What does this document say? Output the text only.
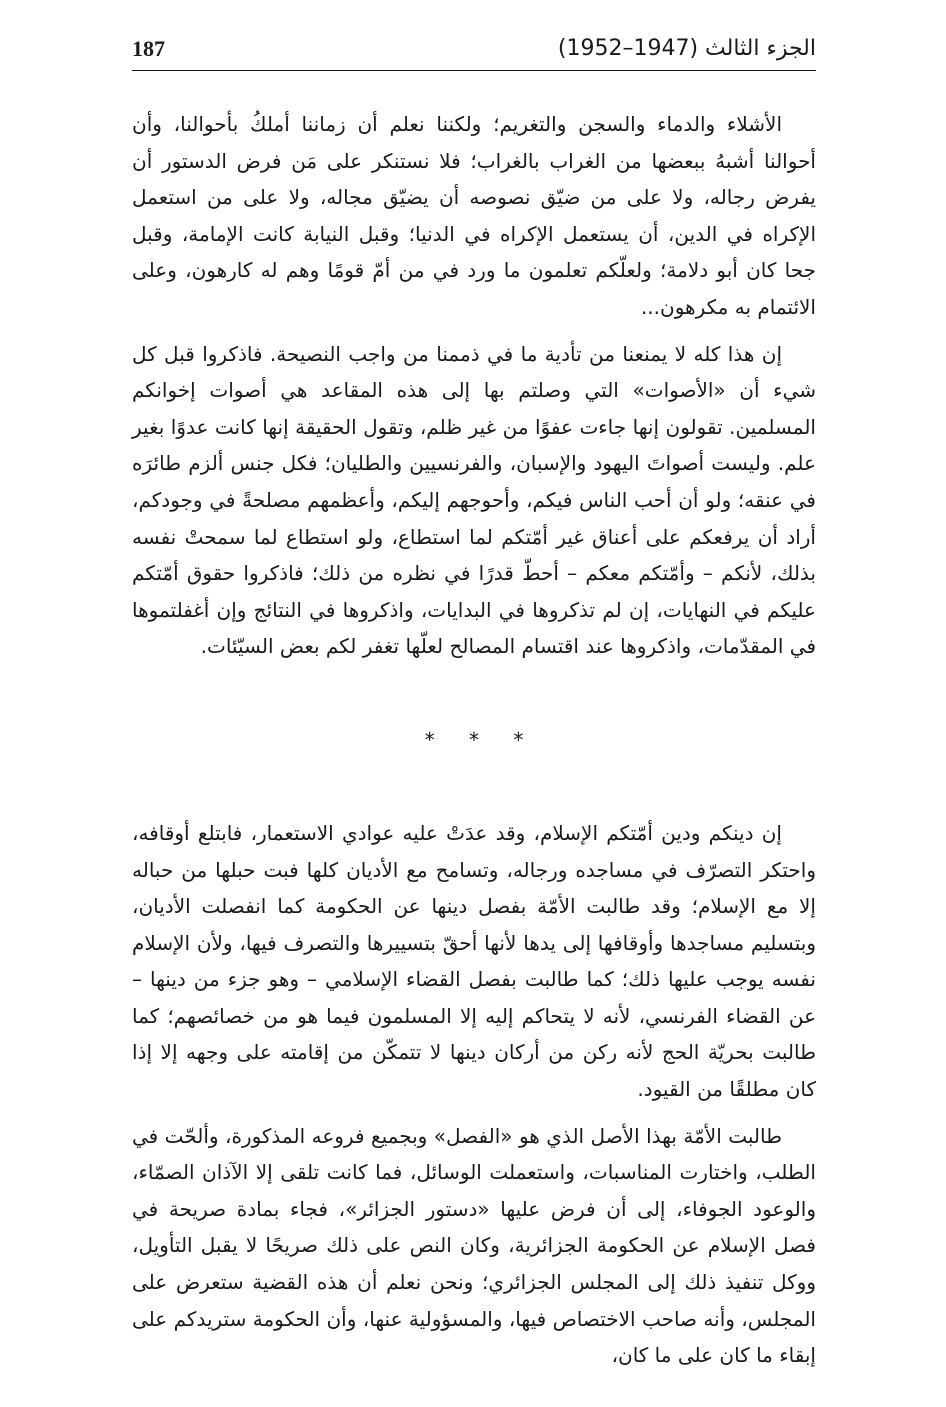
187	الجزء الثالث (1947–1952)

الأشلاء والدماء والسجن والتغريم؛ ولكننا نعلم أن زماننا أملكُ بأحوالنا، وأن أحوالنا أشبهُ ببعضها من الغراب بالغراب؛ فلا نستنكر على مَن فرض الدستور أن يفرض رجاله، ولا على من ضيّق نصوصه أن يضيّق مجاله، ولا على من استعمل الإكراه في الدين، أن يستعمل الإكراه في الدنيا؛ وقبل النيابة كانت الإمامة، وقبل جحا كان أبو دلامة؛ ولعلّكم تعلمون ما ورد في من أمّ قومًا وهم له كارهون، وعلى الائتمام به مكرهون...

إن هذا كله لا يمنعنا من تأدية ما في ذممنا من واجب النصيحة. فاذكروا قبل كل شيء أن «الأصوات» التي وصلتم بها إلى هذه المقاعد هي أصوات إخوانكم المسلمين. تقولون إنها جاءت عفوًا من غير ظلم، وتقول الحقيقة إنها كانت عدوًا بغير علم. وليست أصواتَ اليهود والإسبان، والفرنسيين والطليان؛ فكل جنس ألزم طائرَه في عنقه؛ ولو أن أحب الناس فيكم، وأحوجهم إليكم، وأعظمهم مصلحةً في وجودكم، أراد أن يرفعكم على أعناق غير أمّتكم لما استطاع، ولو استطاع لما سمحتْ نفسه بذلك، لأنكم – وأمّتكم معكم – أحطّ قدرًا في نظره من ذلك؛ فاذكروا حقوق أمّتكم عليكم في النهايات، إن لم تذكروها في البدايات، واذكروها في النتائج وإن أغفلتموها في المقدّمات، واذكروها عند اقتسام المصالح لعلّها تغفر لكم بعض السيّئات.

* * *

إن دينكم ودين أمّتكم الإسلام، وقد عدَتْ عليه عوادي الاستعمار، فابتلع أوقافه، واحتكر التصرّف في مساجده ورجاله، وتسامح مع الأديان كلها فبت حبلها من حباله إلا مع الإسلام؛ وقد طالبت الأمّة بفصل دينها عن الحكومة كما انفصلت الأديان، وبتسليم مساجدها وأوقافها إلى يدها لأنها أحقّ بتسييرها والتصرف فيها، ولأن الإسلام نفسه يوجب عليها ذلك؛ كما طالبت بفصل القضاء الإسلامي – وهو جزء من دينها – عن القضاء الفرنسي، لأنه لا يتحاكم إليه إلا المسلمون فيما هو من خصائصهم؛ كما طالبت بحريّة الحج لأنه ركن من أركان دينها لا تتمكّن من إقامته على وجهه إلا إذا كان مطلقًا من القيود.

طالبت الأمّة بهذا الأصل الذي هو «الفصل» وبجميع فروعه المذكورة، وألحّت في الطلب، واختارت المناسبات، واستعملت الوسائل، فما كانت تلقى إلا الآذان الصمّاء، والوعود الجوفاء، إلى أن فرض عليها «دستور الجزائر»، فجاء بمادة صريحة في فصل الإسلام عن الحكومة الجزائرية، وكان النص على ذلك صريحًا لا يقبل التأويل، ووكل تنفيذ ذلك إلى المجلس الجزائري؛ ونحن نعلم أن هذه القضية ستعرض على المجلس، وأنه صاحب الاختصاص فيها، والمسؤولية عنها، وأن الحكومة ستريدكم على إبقاء ما كان على ما كان،
